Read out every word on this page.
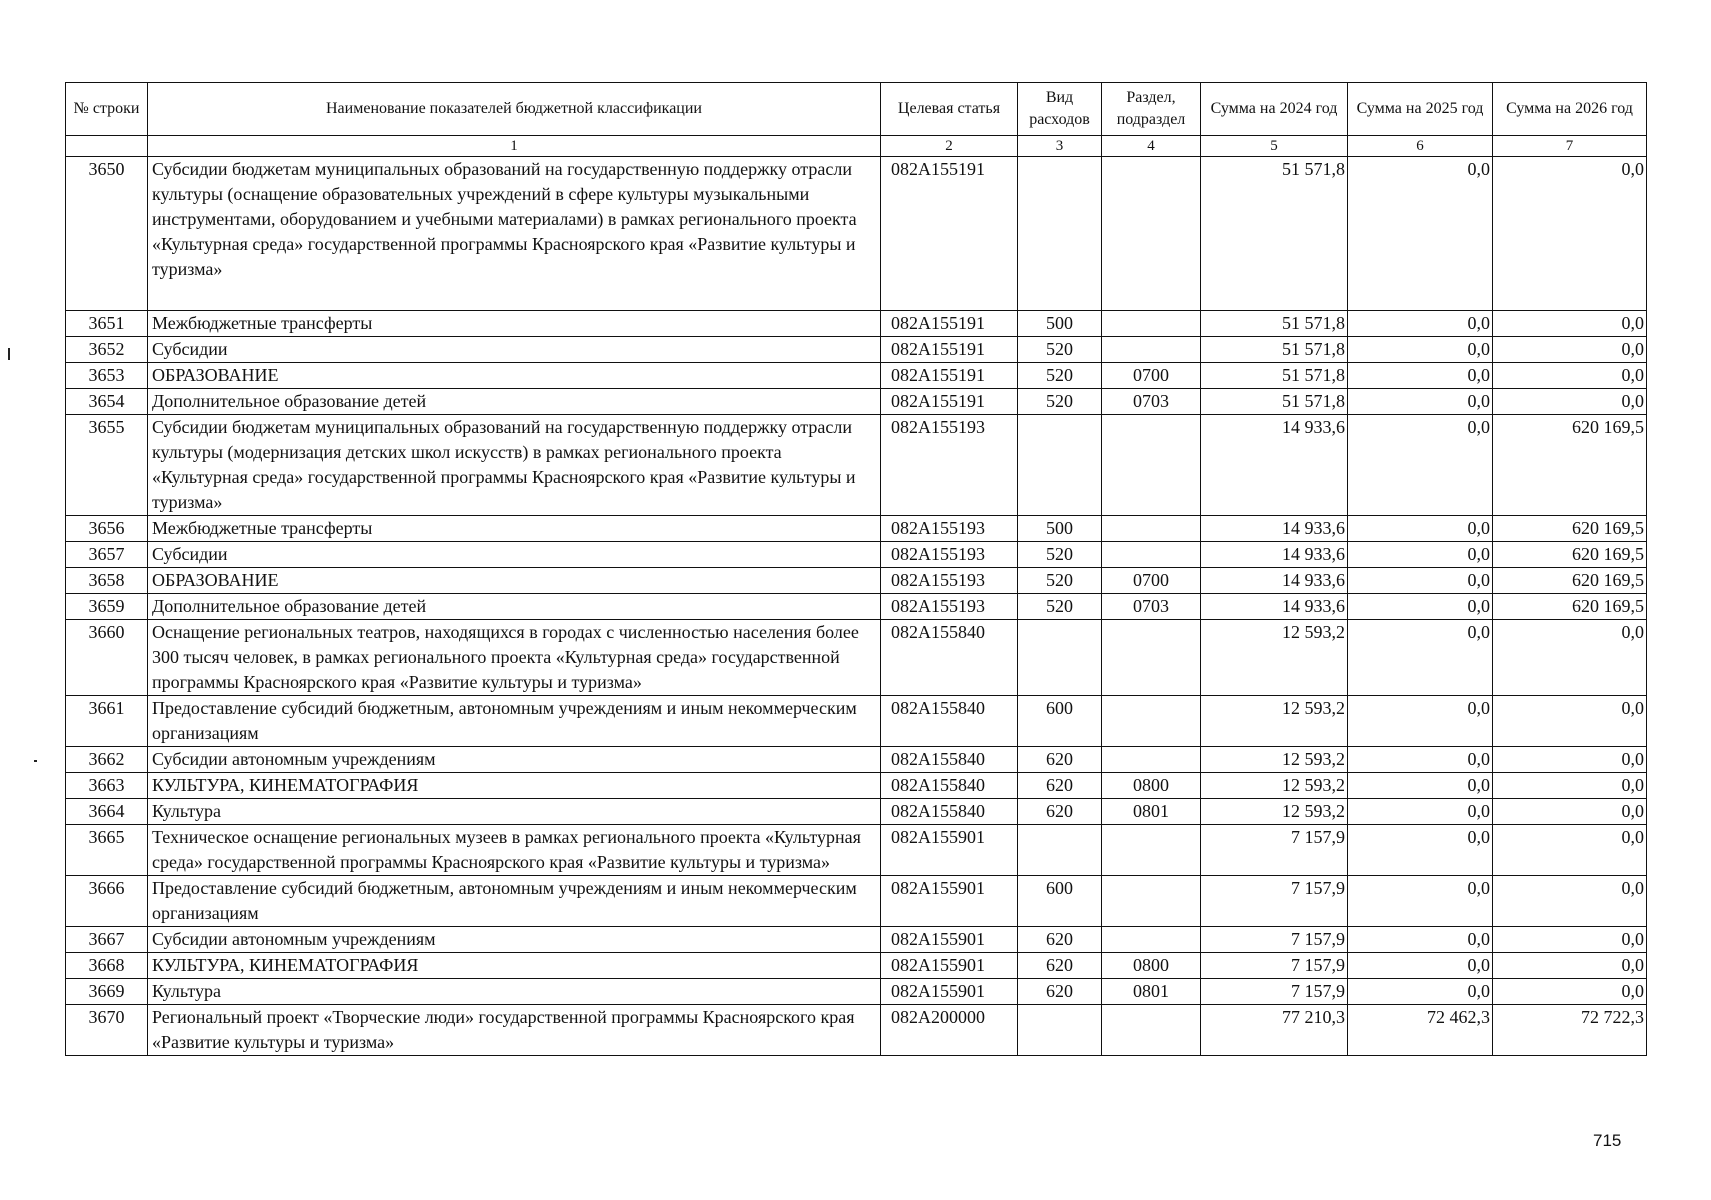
№ строки	Наименование показателей бюджетной классификации	Целевая статья	Вид расходов	Раздел, подраздел	Сумма на 2024 год	Сумма на 2025 год	Сумма на 2026 год
	1	2	3	4	5	6	7
3650	Субсидии бюджетам муниципальных образований на государственную поддержку отрасли культуры (оснащение образовательных учреждений в сфере культуры музыкальными инструментами, оборудованием и учебными материалами) в рамках регионального проекта «Культурная среда» государственной программы Красноярского края «Развитие культуры и туризма»	082A155191			51 571,8	0,0	0,0
3651	Межбюджетные трансферты	082A155191	500		51 571,8	0,0	0,0
3652	Субсидии	082A155191	520		51 571,8	0,0	0,0
3653	ОБРАЗОВАНИЕ	082A155191	520	0700	51 571,8	0,0	0,0
3654	Дополнительное образование детей	082A155191	520	0703	51 571,8	0,0	0,0
3655	Субсидии бюджетам муниципальных образований на государственную поддержку отрасли культуры (модернизация детских школ искусств) в рамках регионального проекта «Культурная среда» государственной программы Красноярского края «Развитие культуры и туризма»	082A155193			14 933,6	0,0	620 169,5
3656	Межбюджетные трансферты	082A155193	500		14 933,6	0,0	620 169,5
3657	Субсидии	082A155193	520		14 933,6	0,0	620 169,5
3658	ОБРАЗОВАНИЕ	082A155193	520	0700	14 933,6	0,0	620 169,5
3659	Дополнительное образование детей	082A155193	520	0703	14 933,6	0,0	620 169,5
3660	Оснащение региональных театров, находящихся в городах с численностью населения более 300 тысяч человек, в рамках регионального проекта «Культурная среда» государственной программы Красноярского края «Развитие культуры и туризма»	082A155840			12 593,2	0,0	0,0
3661	Предоставление субсидий бюджетным, автономным учреждениям и иным некоммерческим организациям	082A155840	600		12 593,2	0,0	0,0
3662	Субсидии автономным учреждениям	082A155840	620		12 593,2	0,0	0,0
3663	КУЛЬТУРА, КИНЕМАТОГРАФИЯ	082A155840	620	0800	12 593,2	0,0	0,0
3664	Культура	082A155840	620	0801	12 593,2	0,0	0,0
3665	Техническое оснащение региональных музеев в рамках регионального проекта «Культурная среда» государственной программы Красноярского края «Развитие культуры и туризма»	082A155901			7 157,9	0,0	0,0
3666	Предоставление субсидий бюджетным, автономным учреждениям и иным некоммерческим организациям	082A155901	600		7 157,9	0,0	0,0
3667	Субсидии автономным учреждениям	082A155901	620		7 157,9	0,0	0,0
3668	КУЛЬТУРА, КИНЕМАТОГРАФИЯ	082A155901	620	0800	7 157,9	0,0	0,0
3669	Культура	082A155901	620	0801	7 157,9	0,0	0,0
3670	Региональный проект «Творческие люди» государственной программы Красноярского края «Развитие культуры и туризма»	082A200000			77 210,3	72 462,3	72 722,3
715
